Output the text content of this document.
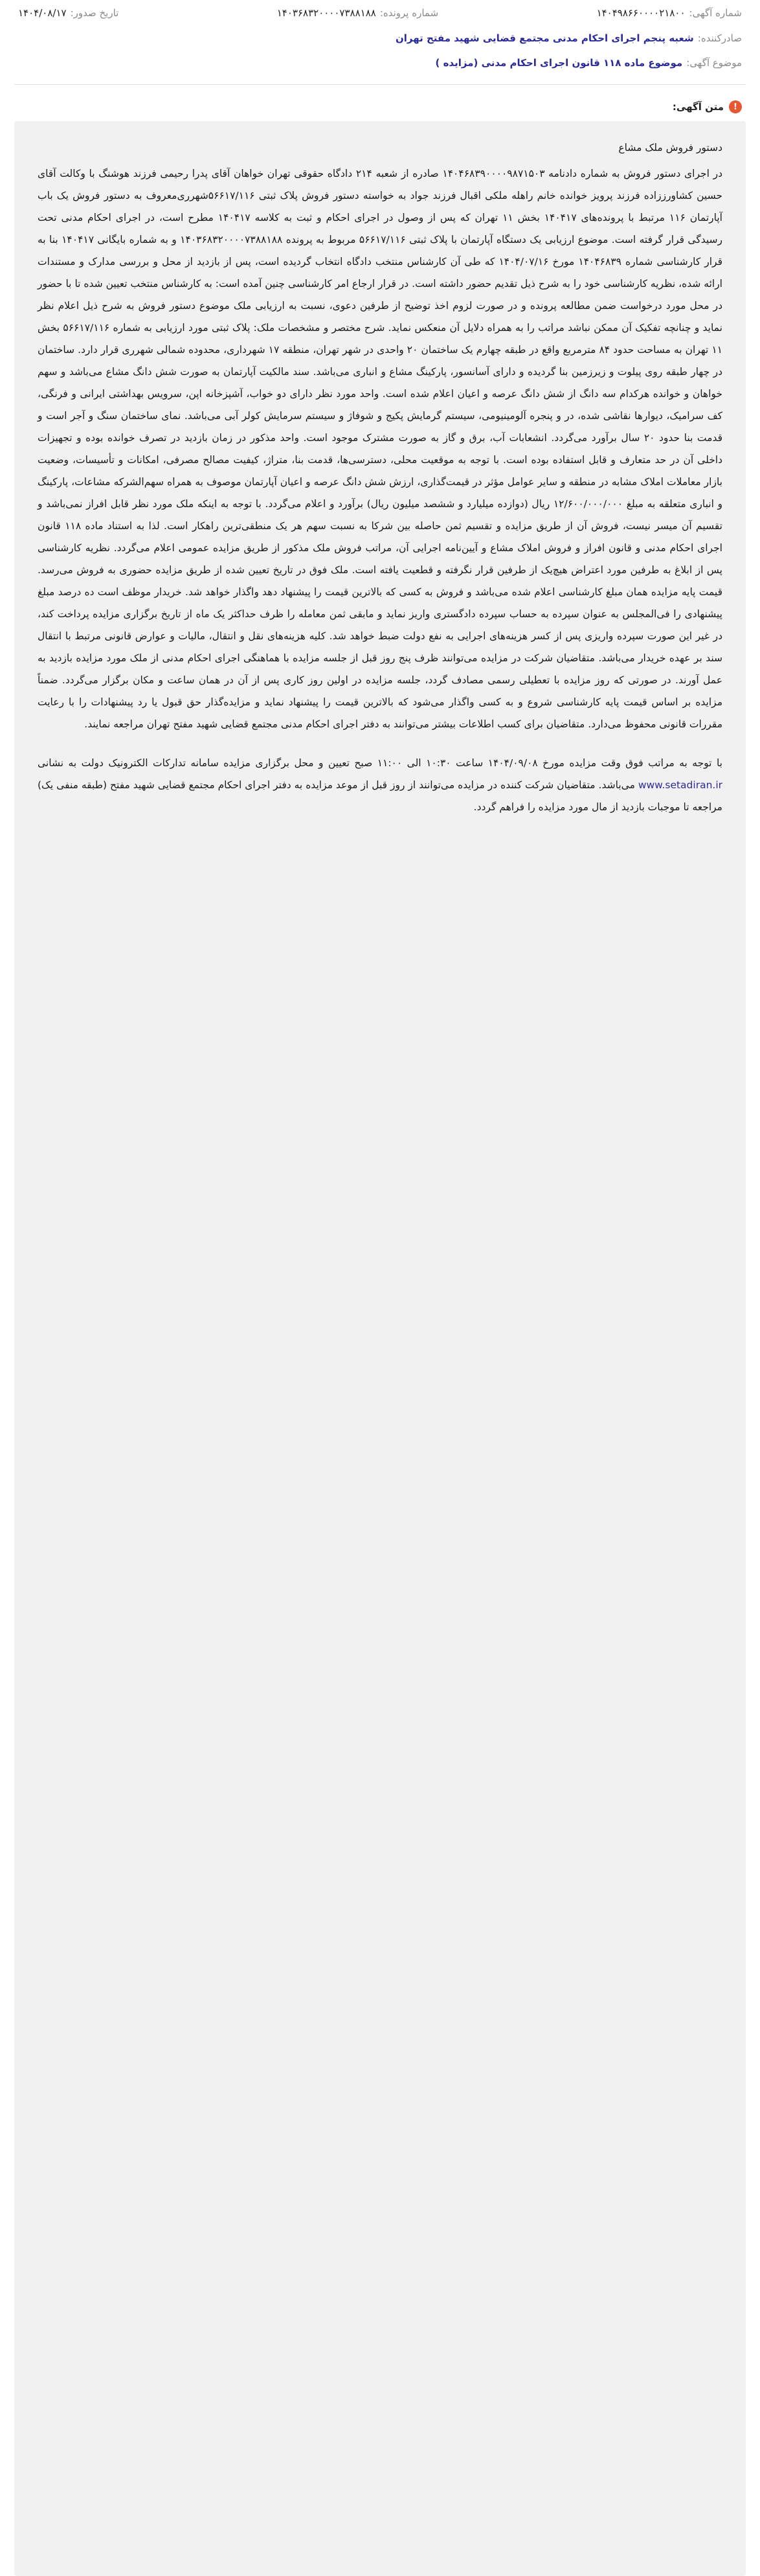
شماره آگهی:
۱۴۰۴۹۸۶۶۰۰۰۰۲۱۸۰۰
شماره پرونده:
۱۴۰۳۶۸۳۲۰۰۰۰۷۳۸۸۱۸۸
تاریخ صدور:
۱۴۰۴/۰۸/۱۷
صادرکننده:
شعبه پنجم اجرای احکام مدنی مجتمع قضایی شهید مفتح تهران
موضوع آگهی:
موضوع ماده ۱۱۸ قانون اجرای احکام مدنی (مزایده )
!
متن آگهی:

دستور فروش ملک مشاع

در اجرای دستور فروش به شماره دادنامه ۱۴۰۴۶۸۳۹۰۰۰۰۹۸۷۱۵۰۳ صادره از شعبه ۲۱۴ دادگاه حقوقی تهران خواهان آقای پدرا رحیمی فرزند هوشنگ با وکالت آقای حسین کشاورززاده فرزند پرویز خوانده خانم راهله ملکی اقبال فرزند جواد به خواسته دستور فروش پلاک ثبتی ۵۶۶۱۷/۱۱۶شهرری‌معروف به دستور فروش یک باب آپارتمان ۱۱۶ مرتبط با پرونده‌های ۱۴۰۴۱۷ بخش ۱۱ تهران که پس از وصول در اجرای احکام و ثبت به کلاسه ۱۴۰۴۱۷ مطرح است، در اجرای احکام مدنی تحت رسیدگی قرار گرفته است. موضوع ارزیابی یک دستگاه آپارتمان با پلاک ثبتی ۵۶۶۱۷/۱۱۶ مربوط به پرونده ۱۴۰۳۶۸۳۲۰۰۰۰۷۳۸۸۱۸۸ و به شماره بایگانی ۱۴۰۴۱۷ بنا به قرار کارشناسی شماره ۱۴۰۴۶۸۳۹ مورخ ۱۴۰۴/۰۷/۱۶ که طی آن کارشناس منتخب دادگاه انتخاب گردیده است، پس از بازدید از محل و بررسی مدارک و مستندات ارائه شده، نظریه کارشناسی خود را به شرح ذیل تقدیم حضور داشته است. در قرار ارجاع امر کارشناسی چنین آمده است: به کارشناس منتخب تعیین شده تا با حضور در محل مورد درخواست ضمن مطالعه پرونده و در صورت لزوم اخذ توضیح از طرفین دعوی، نسبت به ارزیابی ملک موضوع دستور فروش به شرح ذیل اعلام نظر نماید و چنانچه تفکیک آن ممکن نباشد مراتب را به همراه دلایل آن منعکس نماید. شرح مختصر و مشخصات ملک: پلاک ثبتی مورد ارزیابی به شماره ۵۶۶۱۷/۱۱۶ بخش ۱۱ تهران به مساحت حدود ۸۴ مترمربع واقع در طبقه چهارم یک ساختمان ۲۰ واحدی در شهر تهران، منطقه ۱۷ شهرداری، محدوده شمالی شهرری قرار دارد. ساختمان در چهار طبقه روی پیلوت و زیرزمین بنا گردیده و دارای آسانسور، پارکینگ مشاع و انباری می‌باشد. سند مالکیت آپارتمان به صورت شش دانگ مشاع می‌باشد و سهم خواهان و خوانده هرکدام سه دانگ از شش دانگ عرصه و اعیان اعلام شده است. واحد مورد نظر دارای دو خواب، آشپزخانه اپن، سرویس بهداشتی ایرانی و فرنگی، کف سرامیک، دیوارها نقاشی شده، در و پنجره آلومینیومی، سیستم گرمایش پکیج و شوفاژ و سیستم سرمایش کولر آبی می‌باشد. نمای ساختمان سنگ و آجر است و قدمت بنا حدود ۲۰ سال برآورد می‌گردد. انشعابات آب، برق و گاز به صورت مشترک موجود است. واحد مذکور در زمان بازدید در تصرف خوانده بوده و تجهیزات داخلی آن در حد متعارف و قابل استفاده بوده است. با توجه به موقعیت محلی، دسترسی‌ها، قدمت بنا، متراژ، کیفیت مصالح مصرفی، امکانات و تأسیسات، وضعیت بازار معاملات املاک مشابه در منطقه و سایر عوامل مؤثر در قیمت‌گذاری، ارزش شش دانگ عرصه و اعیان آپارتمان موصوف به همراه سهم‌الشرکه مشاعات، پارکینگ و انباری متعلقه به مبلغ ۱۲/۶۰۰/۰۰۰/۰۰۰ ریال (دوازده میلیارد و ششصد میلیون ریال) برآورد و اعلام می‌گردد. با توجه به اینکه ملک مورد نظر قابل افراز نمی‌باشد و تقسیم آن میسر نیست، فروش آن از طریق مزایده و تقسیم ثمن حاصله بین شرکا به نسبت سهم هر یک منطقی‌ترین راهکار است. لذا به استناد ماده ۱۱۸ قانون اجرای احکام مدنی و قانون افراز و فروش املاک مشاع و آیین‌نامه اجرایی آن، مراتب فروش ملک مذکور از طریق مزایده عمومی اعلام می‌گردد. نظریه کارشناسی پس از ابلاغ به طرفین مورد اعتراض هیچ‌یک از طرفین قرار نگرفته و قطعیت یافته است. ملک فوق در تاریخ تعیین شده از طریق مزایده حضوری به فروش می‌رسد. قیمت پایه مزایده همان مبلغ کارشناسی اعلام شده می‌باشد و فروش به کسی که بالاترین قیمت را پیشنهاد دهد واگذار خواهد شد. خریدار موظف است ده درصد مبلغ پیشنهادی را فی‌المجلس به عنوان سپرده به حساب سپرده دادگستری واریز نماید و مابقی ثمن معامله را ظرف حداکثر یک ماه از تاریخ برگزاری مزایده پرداخت کند، در غیر این صورت سپرده واریزی پس از کسر هزینه‌های اجرایی به نفع دولت ضبط خواهد شد. کلیه هزینه‌های نقل و انتقال، مالیات و عوارض قانونی مرتبط با انتقال سند بر عهده خریدار می‌باشد. متقاضیان شرکت در مزایده می‌توانند ظرف پنج روز قبل از جلسه مزایده با هماهنگی اجرای احکام مدنی از ملک مورد مزایده بازدید به عمل آورند. در صورتی که روز مزایده با تعطیلی رسمی مصادف گردد، جلسه مزایده در اولین روز کاری پس از آن در همان ساعت و مکان برگزار می‌گردد. ضمناً مزایده بر اساس قیمت پایه کارشناسی شروع و به کسی واگذار می‌شود که بالاترین قیمت را پیشنهاد نماید و مزایده‌گذار حق قبول یا رد پیشنهادات را با رعایت مقررات قانونی محفوظ می‌دارد. متقاضیان برای کسب اطلاعات بیشتر می‌توانند به دفتر اجرای احکام مدنی مجتمع قضایی شهید مفتح تهران مراجعه نمایند.

با توجه به مراتب فوق وقت مزایده مورخ ۱۴۰۴/۰۹/۰۸ ساعت ۱۰:۳۰ الی ۱۱:۰۰ صبح تعیین و محل برگزاری مزایده سامانه تدارکات الکترونیک دولت به نشانی www.setadiran.ir می‌باشد. متقاضیان شرکت کننده در مزایده می‌توانند از روز قبل از موعد مزایده به دفتر اجرای احکام مجتمع قضایی شهید مفتح (طبقه منفی یک) مراجعه تا موجبات بازدید از مال مورد مزایده را فراهم گردد.
